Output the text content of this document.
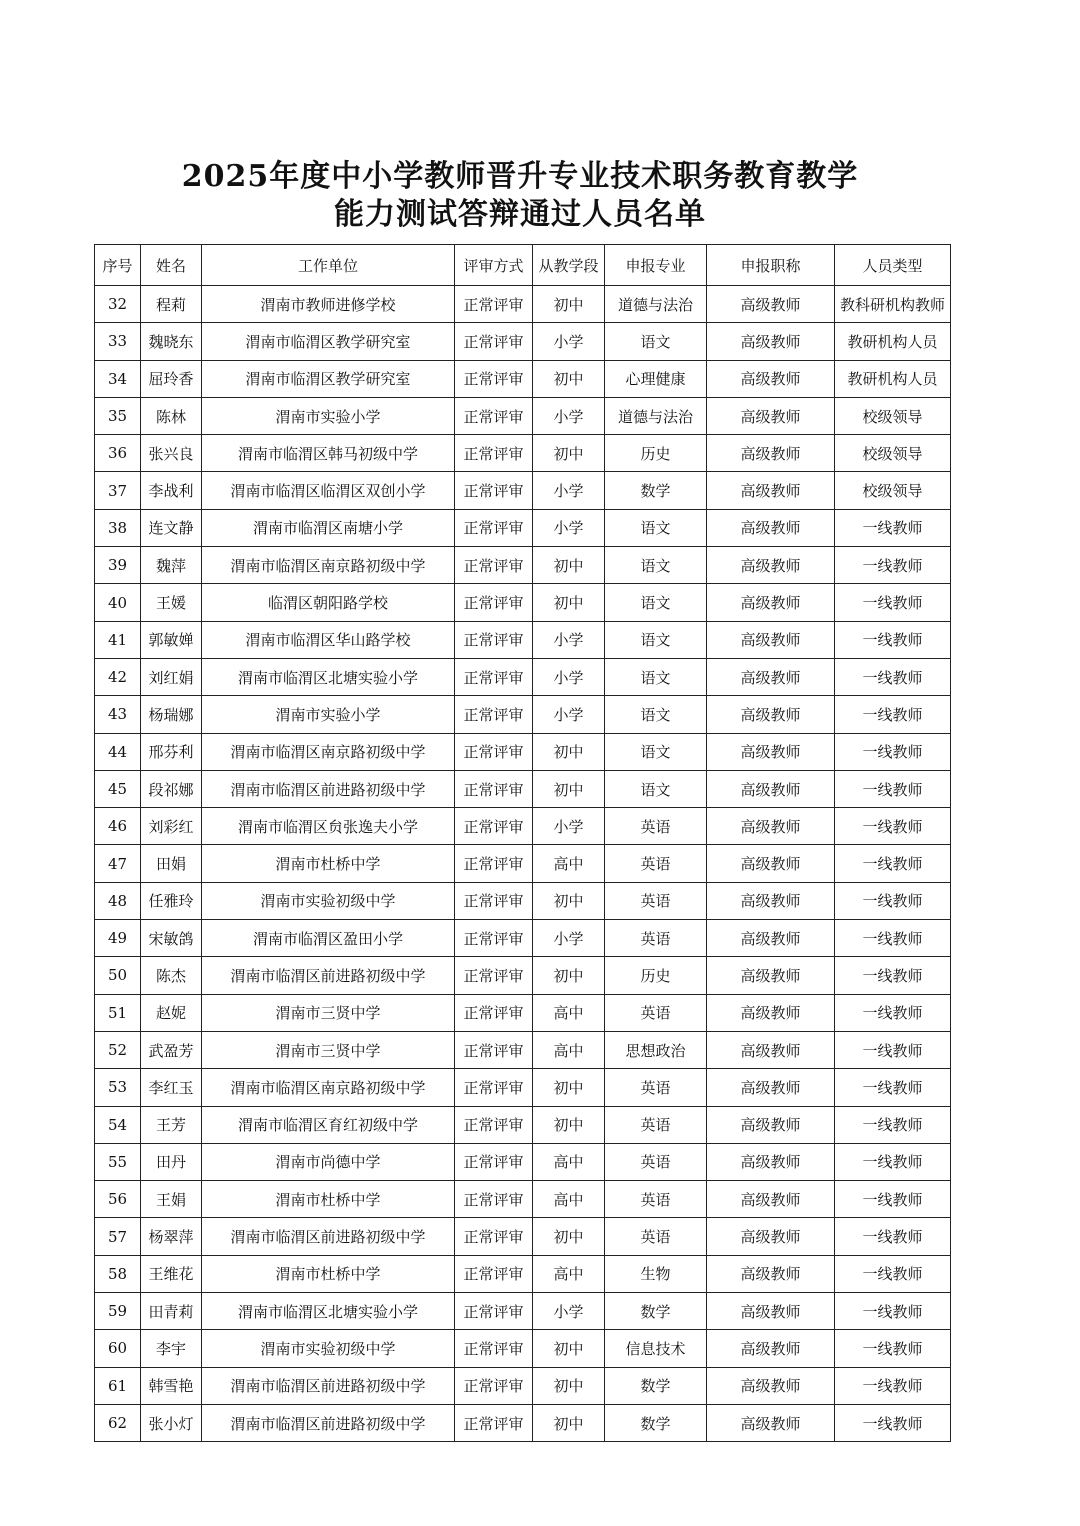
2025年度中小学教师晋升专业技术职务教育教学
能力测试答辩通过人员名单
序号	姓名	工作单位	评审方式	从教学段	申报专业	申报职称	人员类型
32	程莉	渭南市教师进修学校	正常评审	初中	道德与法治	高级教师	教科研机构教师
33	魏晓东	渭南市临渭区教学研究室	正常评审	小学	语文	高级教师	教研机构人员
34	屈玲香	渭南市临渭区教学研究室	正常评审	初中	心理健康	高级教师	教研机构人员
35	陈林	渭南市实验小学	正常评审	小学	道德与法治	高级教师	校级领导
36	张兴良	渭南市临渭区韩马初级中学	正常评审	初中	历史	高级教师	校级领导
37	李战利	渭南市临渭区临渭区双创小学	正常评审	小学	数学	高级教师	校级领导
38	连文静	渭南市临渭区南塘小学	正常评审	小学	语文	高级教师	一线教师
39	魏萍	渭南市临渭区南京路初级中学	正常评审	初中	语文	高级教师	一线教师
40	王媛	临渭区朝阳路学校	正常评审	初中	语文	高级教师	一线教师
41	郭敏婵	渭南市临渭区华山路学校	正常评审	小学	语文	高级教师	一线教师
42	刘红娟	渭南市临渭区北塘实验小学	正常评审	小学	语文	高级教师	一线教师
43	杨瑞娜	渭南市实验小学	正常评审	小学	语文	高级教师	一线教师
44	邢芬利	渭南市临渭区南京路初级中学	正常评审	初中	语文	高级教师	一线教师
45	段祁娜	渭南市临渭区前进路初级中学	正常评审	初中	语文	高级教师	一线教师
46	刘彩红	渭南市临渭区贠张逸夫小学	正常评审	小学	英语	高级教师	一线教师
47	田娟	渭南市杜桥中学	正常评审	高中	英语	高级教师	一线教师
48	任雅玲	渭南市实验初级中学	正常评审	初中	英语	高级教师	一线教师
49	宋敏鸽	渭南市临渭区盈田小学	正常评审	小学	英语	高级教师	一线教师
50	陈杰	渭南市临渭区前进路初级中学	正常评审	初中	历史	高级教师	一线教师
51	赵妮	渭南市三贤中学	正常评审	高中	英语	高级教师	一线教师
52	武盈芳	渭南市三贤中学	正常评审	高中	思想政治	高级教师	一线教师
53	李红玉	渭南市临渭区南京路初级中学	正常评审	初中	英语	高级教师	一线教师
54	王芳	渭南市临渭区育红初级中学	正常评审	初中	英语	高级教师	一线教师
55	田丹	渭南市尚德中学	正常评审	高中	英语	高级教师	一线教师
56	王娟	渭南市杜桥中学	正常评审	高中	英语	高级教师	一线教师
57	杨翠萍	渭南市临渭区前进路初级中学	正常评审	初中	英语	高级教师	一线教师
58	王维花	渭南市杜桥中学	正常评审	高中	生物	高级教师	一线教师
59	田青莉	渭南市临渭区北塘实验小学	正常评审	小学	数学	高级教师	一线教师
60	李宇	渭南市实验初级中学	正常评审	初中	信息技术	高级教师	一线教师
61	韩雪艳	渭南市临渭区前进路初级中学	正常评审	初中	数学	高级教师	一线教师
62	张小灯	渭南市临渭区前进路初级中学	正常评审	初中	数学	高级教师	一线教师
